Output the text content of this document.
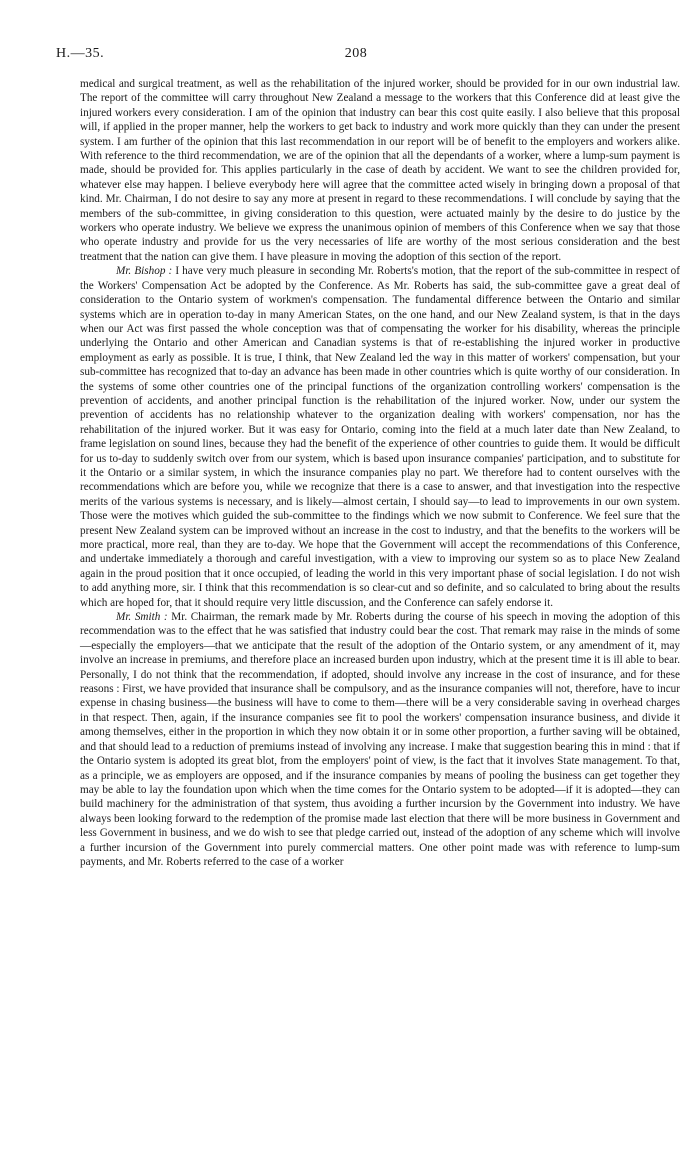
H.—35.	208

medical and surgical treatment, as well as the rehabilitation of the injured worker, should be provided for in our own industrial law. The report of the committee will carry throughout New Zealand a message to the workers that this Conference did at least give the injured workers every consideration. I am of the opinion that industry can bear this cost quite easily. I also believe that this proposal will, if applied in the proper manner, help the workers to get back to industry and work more quickly than they can under the present system. I am further of the opinion that this last recommendation in our report will be of benefit to the employers and workers alike. With reference to the third recommendation, we are of the opinion that all the dependants of a worker, where a lump-sum payment is made, should be provided for. This applies particularly in the case of death by accident. We want to see the children provided for, whatever else may happen. I believe everybody here will agree that the committee acted wisely in bringing down a proposal of that kind. Mr. Chairman, I do not desire to say any more at present in regard to these recommendations. I will conclude by saying that the members of the sub-committee, in giving consideration to this question, were actuated mainly by the desire to do justice by the workers who operate industry. We believe we express the unanimous opinion of members of this Conference when we say that those who operate industry and provide for us the very necessaries of life are worthy of the most serious consideration and the best treatment that the nation can give them. I have pleasure in moving the adoption of this section of the report.

Mr. Bishop : I have very much pleasure in seconding Mr. Roberts's motion, that the report of the sub-committee in respect of the Workers' Compensation Act be adopted by the Conference. As Mr. Roberts has said, the sub-committee gave a great deal of consideration to the Ontario system of workmen's compensation. The fundamental difference between the Ontario and similar systems which are in operation to-day in many American States, on the one hand, and our New Zealand system, is that in the days when our Act was first passed the whole conception was that of compensating the worker for his disability, whereas the principle underlying the Ontario and other American and Canadian systems is that of re-establishing the injured worker in productive employment as early as possible. It is true, I think, that New Zealand led the way in this matter of workers' compensation, but your sub-committee has recognized that to-day an advance has been made in other countries which is quite worthy of our consideration. In the systems of some other countries one of the principal functions of the organization controlling workers' compensation is the prevention of accidents, and another principal function is the rehabilitation of the injured worker. Now, under our system the prevention of accidents has no relationship whatever to the organization dealing with workers' compensation, nor has the rehabilitation of the injured worker. But it was easy for Ontario, coming into the field at a much later date than New Zealand, to frame legislation on sound lines, because they had the benefit of the experience of other countries to guide them. It would be difficult for us to-day to suddenly switch over from our system, which is based upon insurance companies' participation, and to substitute for it the Ontario or a similar system, in which the insurance companies play no part. We therefore had to content ourselves with the recommendations which are before you, while we recognize that there is a case to answer, and that investigation into the respective merits of the various systems is necessary, and is likely—almost certain, I should say—to lead to improvements in our own system. Those were the motives which guided the sub-committee to the findings which we now submit to Conference. We feel sure that the present New Zealand system can be improved without an increase in the cost to industry, and that the benefits to the workers will be more practical, more real, than they are to-day. We hope that the Government will accept the recommendations of this Conference, and undertake immediately a thorough and careful investigation, with a view to improving our system so as to place New Zealand again in the proud position that it once occupied, of leading the world in this very important phase of social legislation. I do not wish to add anything more, sir. I think that this recommendation is so clear-cut and so definite, and so calculated to bring about the results which are hoped for, that it should require very little discussion, and the Conference can safely endorse it.

Mr. Smith : Mr. Chairman, the remark made by Mr. Roberts during the course of his speech in moving the adoption of this recommendation was to the effect that he was satisfied that industry could bear the cost. That remark may raise in the minds of some—especially the employers—that we anticipate that the result of the adoption of the Ontario system, or any amendment of it, may involve an increase in premiums, and therefore place an increased burden upon industry, which at the present time it is ill able to bear. Personally, I do not think that the recommendation, if adopted, should involve any increase in the cost of insurance, and for these reasons : First, we have provided that insurance shall be compulsory, and as the insurance companies will not, therefore, have to incur expense in chasing business—the business will have to come to them—there will be a very considerable saving in overhead charges in that respect. Then, again, if the insurance companies see fit to pool the workers' compensation insurance business, and divide it among themselves, either in the proportion in which they now obtain it or in some other proportion, a further saving will be obtained, and that should lead to a reduction of premiums instead of involving any increase. I make that suggestion bearing this in mind : that if the Ontario system is adopted its great blot, from the employers' point of view, is the fact that it involves State management. To that, as a principle, we as employers are opposed, and if the insurance companies by means of pooling the business can get together they may be able to lay the foundation upon which when the time comes for the Ontario system to be adopted—if it is adopted—they can build machinery for the administration of that system, thus avoiding a further incursion by the Government into industry. We have always been looking forward to the redemption of the promise made last election that there will be more business in Government and less Government in business, and we do wish to see that pledge carried out, instead of the adoption of any scheme which will involve a further incursion of the Government into purely commercial matters. One other point made was with reference to lump-sum payments, and Mr. Roberts referred to the case of a worker
